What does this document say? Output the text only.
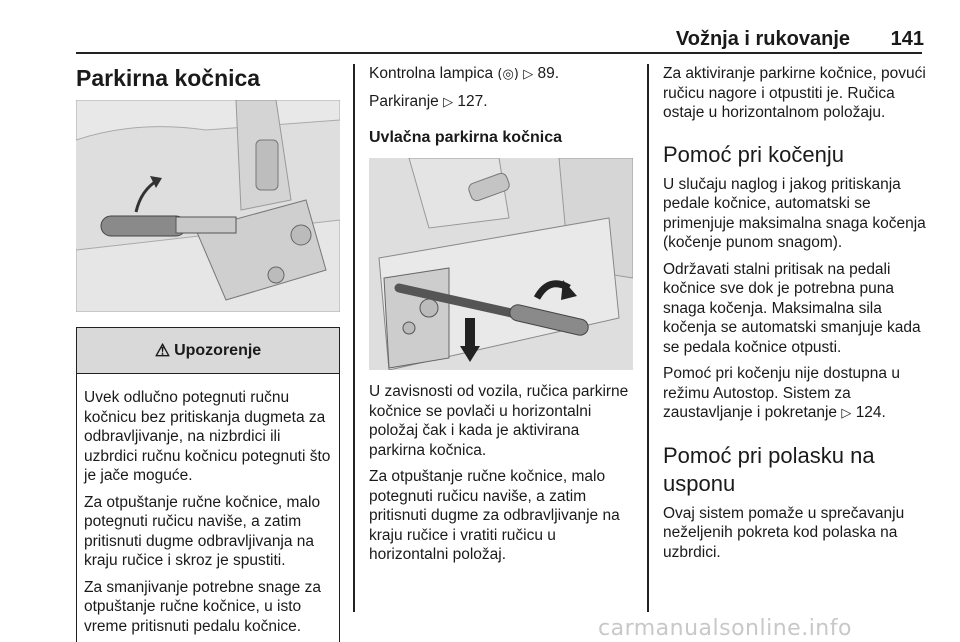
Vožnja i rukovanje 141
Parkirna kočnica
⚠ Upozorenje

Uvek odlučno potegnuti ručnu kočnicu bez pritiskanja dugmeta za odbravljivanje, na nizbrdici ili uzbrdici ručnu kočnicu potegnuti što je jače moguće.

Za otpuštanje ručne kočnice, malo potegnuti ručicu naviše, a zatim pritisnuti dugme odbravljivanja na kraju ručice i skroz je spustiti.

Za smanjivanje potrebne snage za otpuštanje ručne kočnice, u isto vreme pritisnuti pedalu kočnice.

Kontrolna lampica (◎) ▷ 89.

Parkiranje ▷ 127.

Uvlačna parkirna kočnica

U zavisnosti od vozila, ručica parkirne kočnice se povlači u horizontalni položaj čak i kada je aktivirana parkirna kočnica.

Za otpuštanje ručne kočnice, malo potegnuti ručicu naviše, a zatim pritisnuti dugme za odbravljivanje na kraju ručice i vratiti ručicu u horizontalni položaj.

Za aktiviranje parkirne kočnice, povući ručicu nagore i otpustiti je. Ručica ostaje u horizontalnom položaju.

Pomoć pri kočenju

U slučaju naglog i jakog pritiskanja pedale kočnice, automatski se primenjuje maksimalna snaga kočenja (kočenje punom snagom).

Održavati stalni pritisak na pedali kočnice sve dok je potrebna puna snaga kočenja. Maksimalna sila kočenja se automatski smanjuje kada se pedala kočnice otpusti.

Pomoć pri kočenju nije dostupna u režimu Autostop. Sistem za zaustavljanje i pokretanje ▷ 124.

Pomoć pri polasku na usponu

Ovaj sistem pomaže u sprečavanju neželjenih pokreta kod polaska na uzbrdici.

carmanualsonline.info
